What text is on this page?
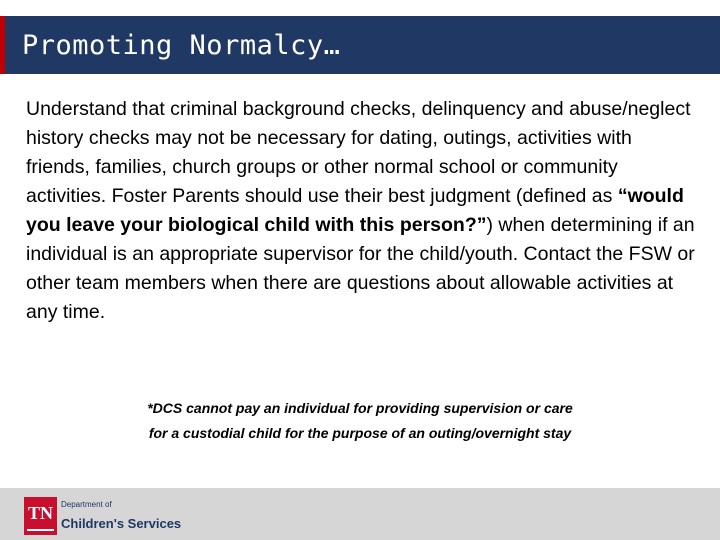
Promoting Normalcy…
Understand that criminal background checks, delinquency and abuse/neglect history checks may not be necessary for dating, outings, activities with friends, families, church groups or other normal school or community activities. Foster Parents should use their best judgment (defined as “would you leave your biological child with this person?”) when determining if an individual is an appropriate supervisor for the child/youth. Contact the FSW or other team members when there are questions about allowable activities at any time.
*DCS cannot pay an individual for providing supervision or care
for a custodial child for the purpose of an outing/overnight stay
TN	Department of
Children's Services
